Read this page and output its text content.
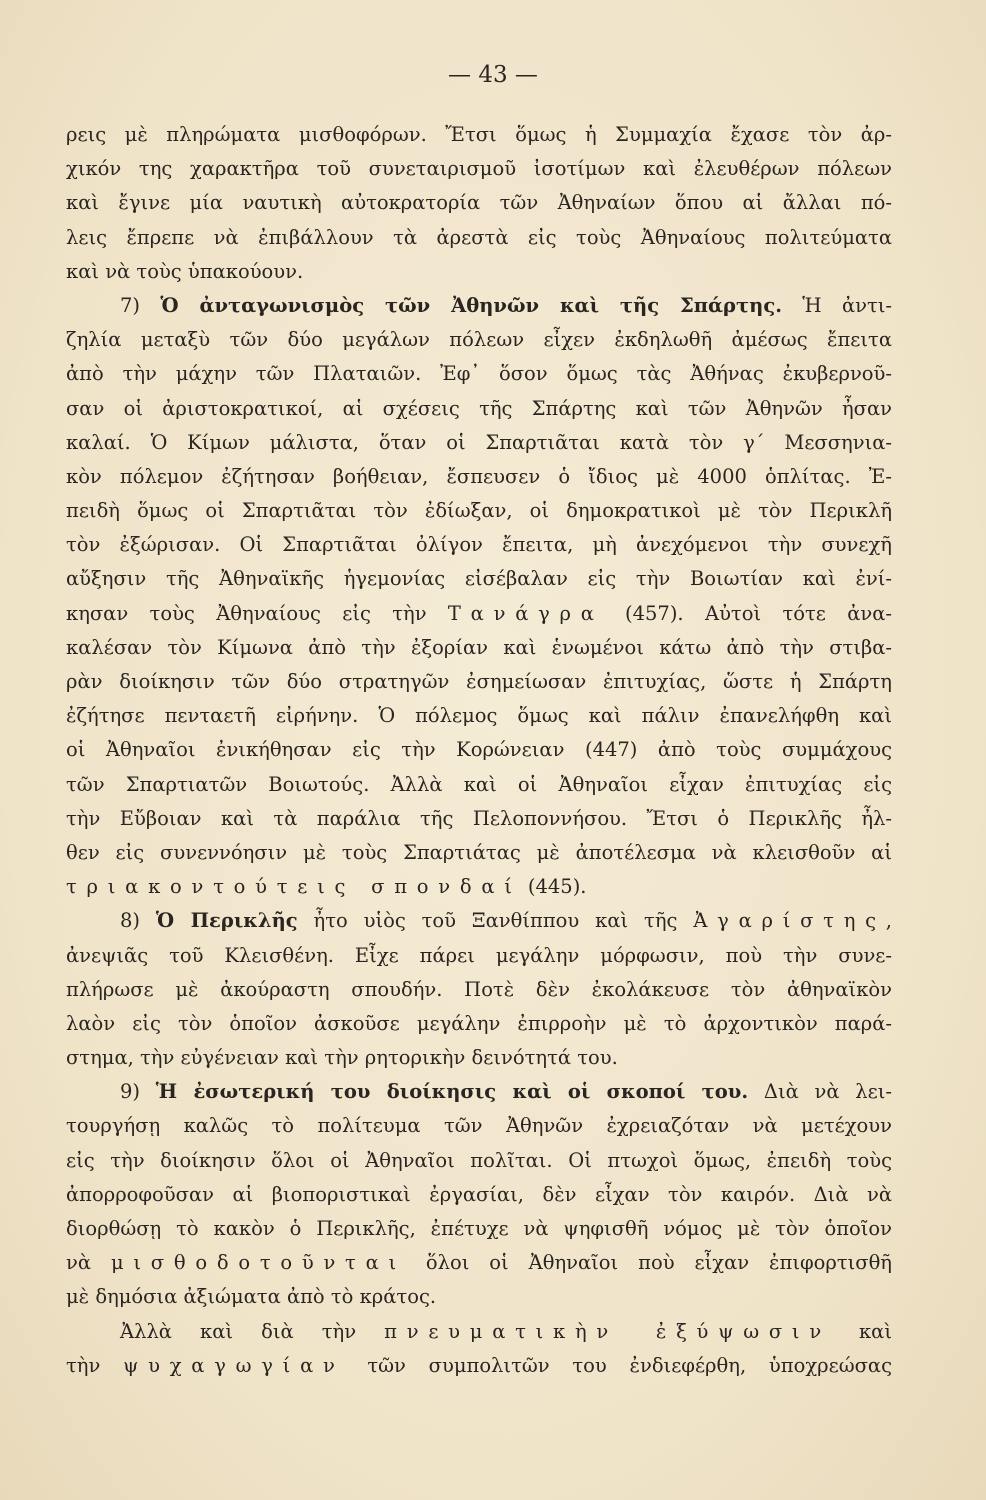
— 43 —
ρεις μὲ πληρώματα μισθοφόρων. Ἔτσι ὅμως ἡ Συμμαχία ἔχασε τὸν ἀρ-
χικόν της χαρακτῆρα τοῦ συνεταιρισμοῦ ἰσοτίμων καὶ ἐλευθέρων πόλεων
καὶ ἔγινε μία ναυτικὴ αὐτοκρατορία τῶν Ἀθηναίων ὅπου αἱ ἄλλαι πό-
λεις ἔπρεπε νὰ ἐπιβάλλουν τὰ ἀρεστὰ εἰς τοὺς Ἀθηναίους πολιτεύματα
καὶ νὰ τοὺς ὑπακούουν.
7) Ὁ ἀνταγωνισμὸς τῶν Ἀθηνῶν καὶ τῆς Σπάρτης. Ἡ ἀντι-
ζηλία μεταξὺ τῶν δύο μεγάλων πόλεων εἶχεν ἐκδηλωθῆ ἀμέσως ἔπειτα
ἀπὸ τὴν μάχην τῶν Πλαταιῶν. Ἐφ᾽ ὅσον ὅμως τὰς Ἀθήνας ἐκυβερνοῦ-
σαν οἱ ἀριστοκρατικοί, αἱ σχέσεις τῆς Σπάρτης καὶ τῶν Ἀθηνῶν ἦσαν
καλαί. Ὁ Κίμων μάλιστα, ὅταν οἱ Σπαρτιᾶται κατὰ τὸν γ΄ Μεσσηνια-
κὸν πόλεμον ἐζήτησαν βοήθειαν, ἔσπευσεν ὁ ἴδιος μὲ 4000 ὁπλίτας. Ἐ-
πειδὴ ὅμως οἱ Σπαρτιᾶται τὸν ἐδίωξαν, οἱ δημοκρατικοὶ μὲ τὸν Περικλῆ
τὸν ἐξώρισαν. Οἱ Σπαρτιᾶται ὀλίγον ἔπειτα, μὴ ἀνεχόμενοι τὴν συνεχῆ
αὔξησιν τῆς Ἀθηναϊκῆς ἡγεμονίας εἰσέβαλαν εἰς τὴν Βοιωτίαν καὶ ἐνί-
κησαν τοὺς Ἀθηναίους εἰς τὴν Τανάγρα (457). Αὐτοὶ τότε ἀνα-
καλέσαν τὸν Κίμωνα ἀπὸ τὴν ἐξορίαν καὶ ἑνωμένοι κάτω ἀπὸ τὴν στιβα-
ρὰν διοίκησιν τῶν δύο στρατηγῶν ἐσημείωσαν ἐπιτυχίας, ὥστε ἡ Σπάρτη
ἐζήτησε πενταετῆ εἰρήνην. Ὁ πόλεμος ὅμως καὶ πάλιν ἐπανελήφθη καὶ
οἱ Ἀθηναῖοι ἐνικήθησαν εἰς τὴν Κορώνειαν (447) ἀπὸ τοὺς συμμάχους
τῶν Σπαρτιατῶν Βοιωτούς. Ἀλλὰ καὶ οἱ Ἀθηναῖοι εἶχαν ἐπιτυχίας εἰς
τὴν Εὔβοιαν καὶ τὰ παράλια τῆς Πελοποννήσου. Ἔτσι ὁ Περικλῆς ἦλ-
θεν εἰς συνεννόησιν μὲ τοὺς Σπαρτιάτας μὲ ἀποτέλεσμα νὰ κλεισθοῦν αἱ
τριακοντούτεις σπονδαί (445).
8) Ὁ Περικλῆς ἦτο υἱὸς τοῦ Ξανθίππου καὶ τῆς Ἀγαρίστης,
ἀνεψιᾶς τοῦ Κλεισθένη. Εἶχε πάρει μεγάλην μόρφωσιν, ποὺ τὴν συνε-
πλήρωσε μὲ ἀκούραστη σπουδήν. Ποτὲ δὲν ἐκολάκευσε τὸν ἀθηναϊκὸν
λαὸν εἰς τὸν ὁποῖον ἀσκοῦσε μεγάλην ἐπιρροὴν μὲ τὸ ἀρχοντικὸν παρά-
στημα, τὴν εὐγένειαν καὶ τὴν ρητορικὴν δεινότητά του.
9) Ἡ ἐσωτερική του διοίκησις καὶ οἱ σκοποί του. Διὰ νὰ λει-
τουργήσῃ καλῶς τὸ πολίτευμα τῶν Ἀθηνῶν ἐχρειαζόταν νὰ μετέχουν
εἰς τὴν διοίκησιν ὅλοι οἱ Ἀθηναῖοι πολῖται. Οἱ πτωχοὶ ὅμως, ἐπειδὴ τοὺς
ἀπορροφοῦσαν αἱ βιοποριστικαὶ ἐργασίαι, δὲν εἶχαν τὸν καιρόν. Διὰ νὰ
διορθώσῃ τὸ κακὸν ὁ Περικλῆς, ἐπέτυχε νὰ ψηφισθῆ νόμος μὲ τὸν ὁποῖον
νὰ μισθοδοτοῦνται ὅλοι οἱ Ἀθηναῖοι ποὺ εἶχαν ἐπιφορτισθῆ
μὲ δημόσια ἀξιώματα ἀπὸ τὸ κράτος.
Ἀλλὰ καὶ διὰ τὴν πνευματικὴν ἐξύψωσιν καὶ
τὴν ψυχαγωγίαν τῶν συμπολιτῶν του ἐνδιεφέρθη, ὑποχρεώσας
